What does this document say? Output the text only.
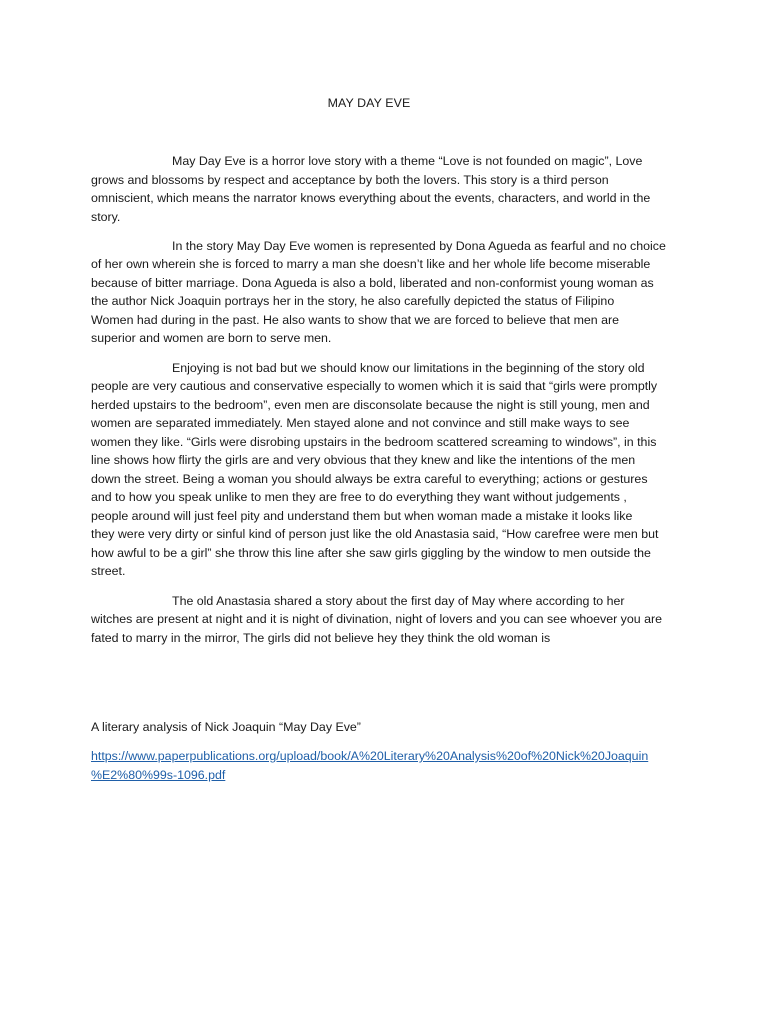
MAY DAY EVE
May Day Eve is a horror love story with a theme “Love is not founded on magic”, Love
grows and blossoms by respect and acceptance by both the lovers. This story is a third person
omniscient, which means the narrator knows everything about the events, characters, and world in the
story.
In the story May Day Eve women is represented by Dona Agueda as fearful and no choice
of her own wherein she is forced to marry a man she doesn’t like and her whole life become miserable
because of bitter marriage. Dona Agueda is also a bold, liberated and non-conformist young woman as
the author Nick Joaquin portrays her in the story, he also carefully depicted the status of Filipino
Women had during in the past. He also wants to show that we are forced to believe that men are
superior and women are born to serve men.
Enjoying is not bad but we should know our limitations in the beginning of the story old
people are very cautious and conservative especially to women which it is said that “girls were promptly
herded upstairs to the bedroom”, even men are disconsolate because the night is still young, men and
women are separated immediately. Men stayed alone and not convince and still make ways to see
women they like. “Girls were disrobing upstairs in the bedroom scattered screaming to windows”, in this
line shows how flirty the girls are and very obvious that they knew and like the intentions of the men
down the street. Being a woman you should always be extra careful to everything; actions or gestures
and to how you speak unlike to men they are free to do everything they want without judgements ,
people around will just feel pity and understand them but when woman made a mistake it looks like
they were very dirty or sinful kind of person just like the old Anastasia said, “How carefree were men but
how awful to be a girl” she throw this line after she saw girls giggling by the window to men outside the
street.
The old Anastasia shared a story about the first day of May where according to her
witches are present at night and it is night of divination, night of lovers and you can see whoever you are
fated to marry in the mirror, The girls did not believe hey they think the old woman is
A literary analysis of Nick Joaquin “May Day Eve”
https://www.paperpublications.org/upload/book/A%20Literary%20Analysis%20of%20Nick%20Joaquin
%E2%80%99s-1096.pdf
